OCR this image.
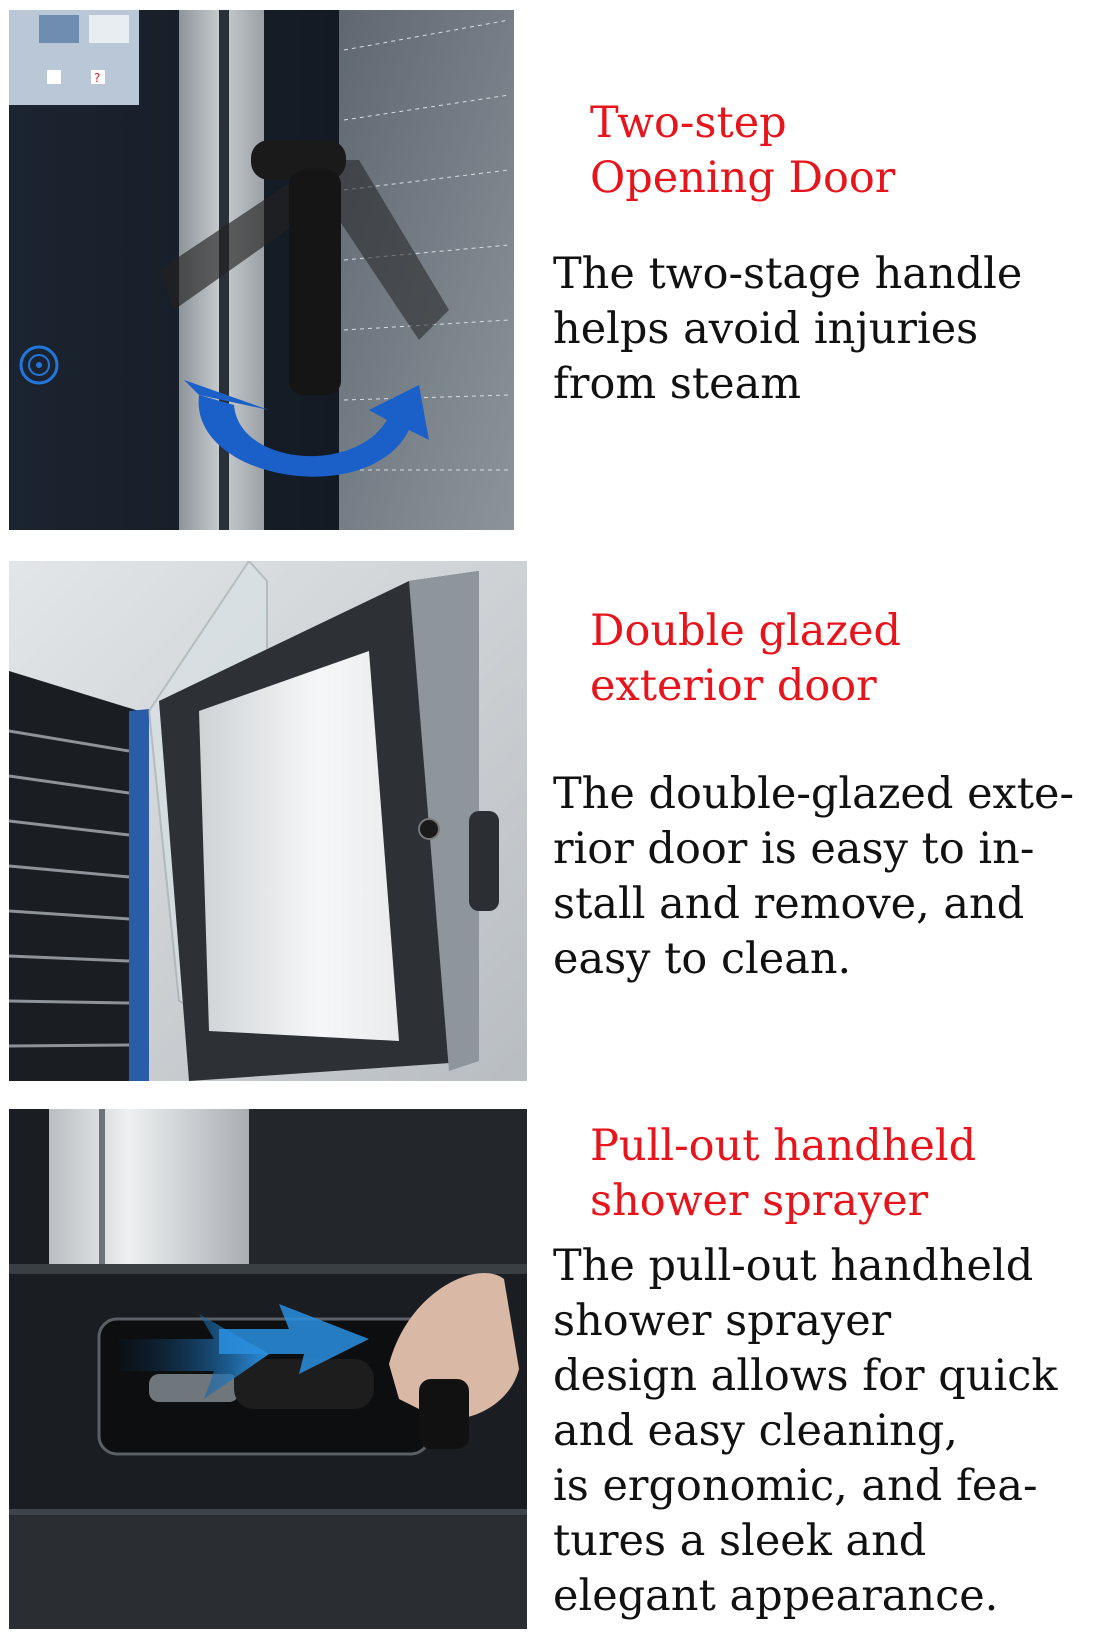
?
Two-step
Opening Door

The two-stage handle
helps avoid injuries
from steam

Double glazed
exterior door

The double-glazed exte-
rior door is easy to in-
stall and remove, and
easy to clean.

Pull-out handheld
shower sprayer

The pull-out handheld
shower sprayer
design allows for quick
and easy cleaning,
is ergonomic, and fea-
tures a sleek and
elegant appearance.
